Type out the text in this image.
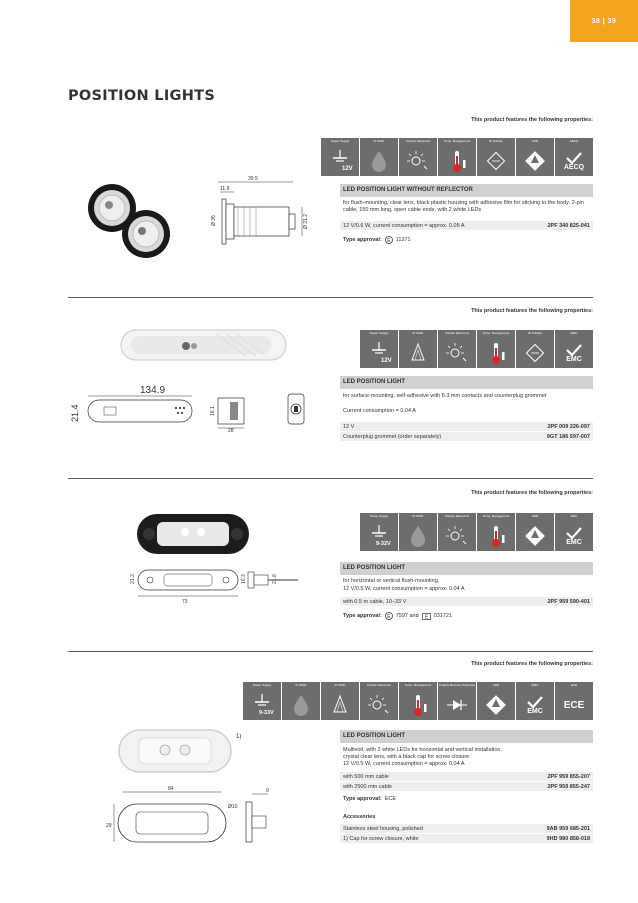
38 | 39
POSITION LIGHTS
This product features the following properties:
Power Supply
12V
IP 6K9K	Tubular Electronic	Temp. Management	Bi Polarity	ADR	AECQ
AECQ
LED POSITION LIGHT WITHOUT REFLECTOR
for flush-mounting, clear lens, black plastic housing with adhesive film for sticking to the body. 2-pin cable, 150 mm long, open cable ends, with 2 white LEDs
12 V/0.6 W, current consumption = approx. 0.05 A	2PF 340 825-041
Type approval: E 11371
39.5
11.9
Ø 35	Ø 21.2
This product features the following properties:
Power Supply
12V
IP 6K9K	Tubular Electronic	Temp. Management	Bi Polarity	EMC
EMC
LED POSITION LIGHT
for surface-mounting, self-adhesive with 6.3 mm contacts and counterplug grommet
Current consumption = 0.04 A
12 V	2PF 009 226-097
Counterplug grommet (order separately)	9GT 186 597-007
134.9
21.4	16.1
28
This product features the following properties:
Power Supply
9-32V
IP 6K9K	Tubular Electronic	Temp. Management	ADR	EMC
EMC
LED POSITION LIGHT
for horizontal or vertical flush-mounting,
12 V/0.5 W, current consumption = approx. 0.04 A
with 0.5 m cable, 10–33 V	2PF 959 590-401
Type approval: E 7597 and E 031721
21.3
73
10.3	21.8
This product features the following properties:
Power Supply
9-33V
IP 6K9K	IP 6K9K	Tubular Electronic	Temp. Management	Polarity Reverse Protected	ADR	EMC
EMC
ECE
ECE
LED POSITION LIGHT
Multivolt, with 2 white LEDs for horizontal and vertical installation,
crystal clear lens, with a black cap for screw closure
12 V/0.5 W, current consumption = approx. 0.04 A
with 500 mm cable	2PF 959 855-207
with 2500 mm cable	2PF 959 855-247
Type approval: ECE
Accessories
Stainless steel housing, polished	9AB 959 685-201
1) Cap for screw closure, white	9HD 980 858-018
1)
84
29
Ø10
9
